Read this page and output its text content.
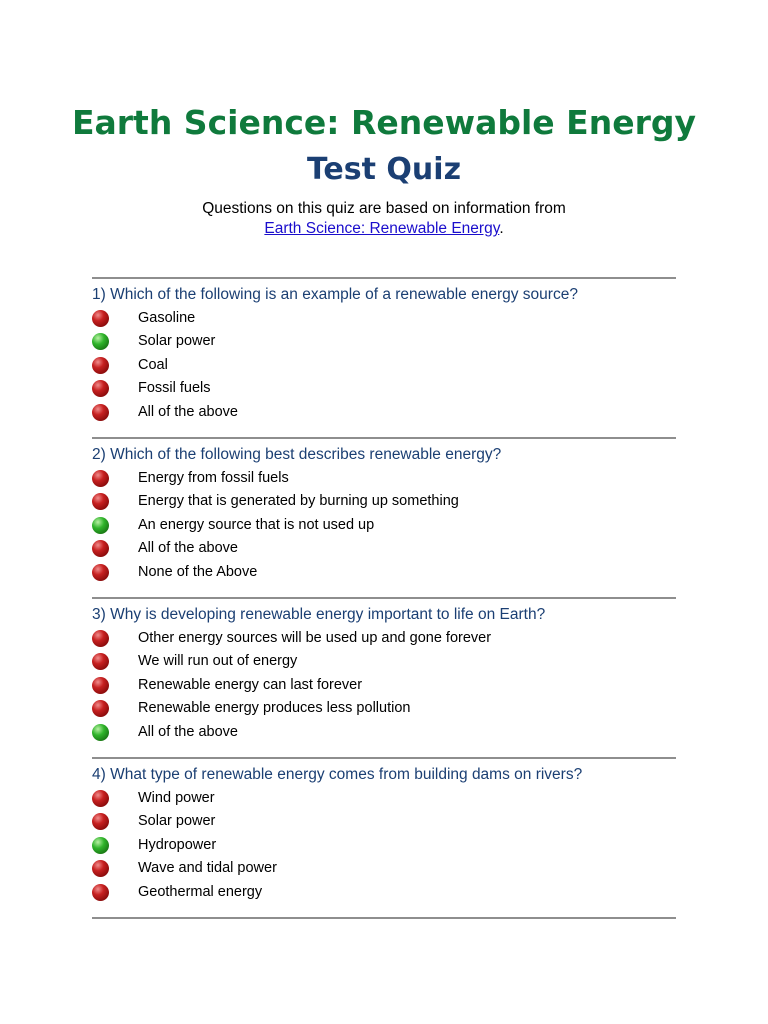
Earth Science: Renewable Energy
Test Quiz
Questions on this quiz are based on information from
Earth Science: Renewable Energy.
1) Which of the following is an example of a renewable energy source?
Gasoline
Solar power
Coal
Fossil fuels
All of the above
2) Which of the following best describes renewable energy?
Energy from fossil fuels
Energy that is generated by burning up something
An energy source that is not used up
All of the above
None of the Above
3) Why is developing renewable energy important to life on Earth?
Other energy sources will be used up and gone forever
We will run out of energy
Renewable energy can last forever
Renewable energy produces less pollution
All of the above
4) What type of renewable energy comes from building dams on rivers?
Wind power
Solar power
Hydropower
Wave and tidal power
Geothermal energy
